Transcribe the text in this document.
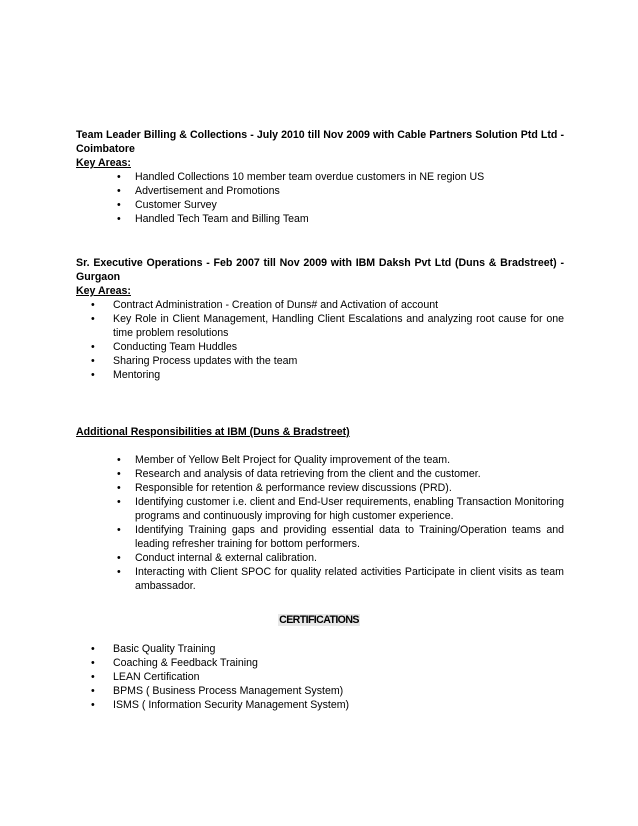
Team Leader Billing & Collections - July 2010 till Nov 2009 with Cable Partners Solution Ptd Ltd - Coimbatore
Key Areas:
• Handled Collections 10 member team overdue customers in NE region US
• Advertisement and Promotions
• Customer Survey
• Handled Tech Team and Billing Team
Sr. Executive Operations - Feb 2007 till Nov 2009 with IBM Daksh Pvt Ltd (Duns & Bradstreet) - Gurgaon
Key Areas:
• Contract Administration - Creation of Duns# and Activation of account
• Key Role in Client Management, Handling Client Escalations and analyzing root cause for one time problem resolutions
• Conducting Team Huddles
• Sharing Process updates with the team
• Mentoring
Additional Responsibilities at IBM (Duns & Bradstreet)
• Member of Yellow Belt Project for Quality improvement of the team.
• Research and analysis of data retrieving from the client and the customer.
• Responsible for retention & performance review discussions (PRD).
• Identifying customer i.e. client and End-User requirements, enabling Transaction Monitoring programs and continuously improving for high customer experience.
• Identifying Training gaps and providing essential data to Training/Operation teams and leading refresher training for bottom performers.
• Conduct internal & external calibration.
• Interacting with Client SPOC for quality related activities Participate in client visits as team ambassador.
CERTIFICATIONS
• Basic Quality Training
• Coaching & Feedback Training
• LEAN Certification
• BPMS ( Business Process Management System)
• ISMS ( Information Security Management System)
